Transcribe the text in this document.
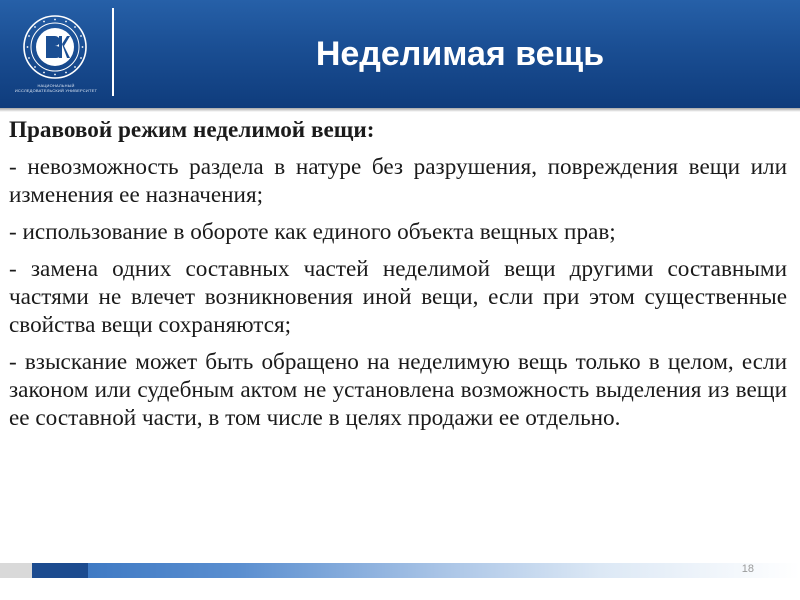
НАЦИОНАЛЬНЫЙ ИССЛЕДОВАТЕЛЬСКИЙ УНИВЕРСИТЕТ
Неделимая вещь

Правовой режим неделимой вещи:

- невозможность раздела в натуре без разрушения, повреждения вещи или изменения ее назначения;

- использование в обороте как единого объекта вещных прав;

- замена одних составных частей неделимой вещи другими составными частями не влечет возникновения иной вещи, если при этом существенные свойства вещи сохраняются;

- взыскание может быть обращено на неделимую вещь только в целом, если законом или судебным актом не установлена возможность выделения из вещи ее составной части, в том числе в целях продажи ее отдельно.

18
